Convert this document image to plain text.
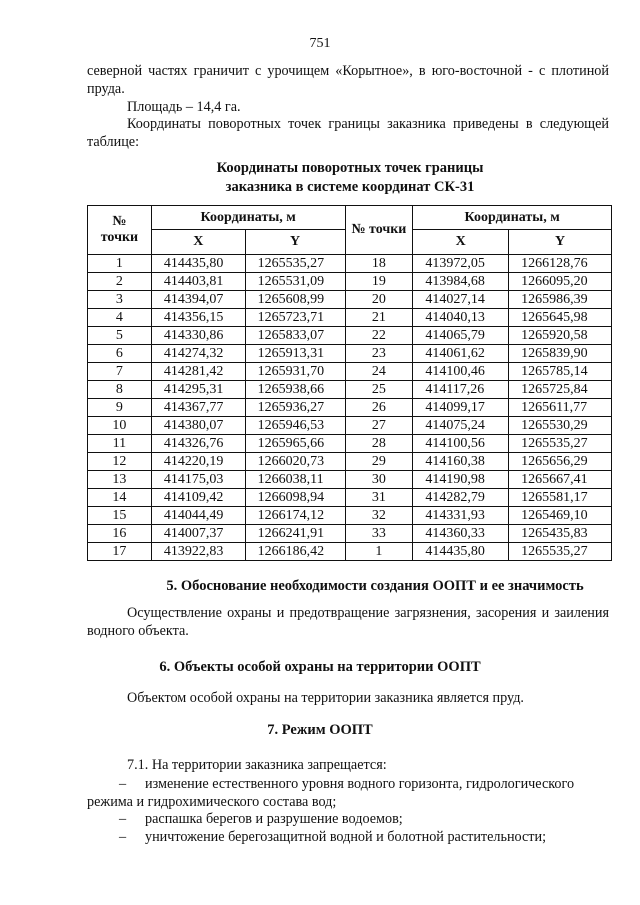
751
северной частях граничит с урочищем «Корытное», в юго-восточной - с плотиной пруда.
Площадь – 14,4 га.
Координаты поворотных точек границы заказника приведены в следующей таблице:
Координаты поворотных точек границы
заказника в системе координат СК-31
№ точки	Координаты, м		№ точки	Координаты, м	
	X	Y		X	Y
1	414435,80	1265535,27	18	413972,05	1266128,76
2	414403,81	1265531,09	19	413984,68	1266095,20
3	414394,07	1265608,99	20	414027,14	1265986,39
4	414356,15	1265723,71	21	414040,13	1265645,98
5	414330,86	1265833,07	22	414065,79	1265920,58
6	414274,32	1265913,31	23	414061,62	1265839,90
7	414281,42	1265931,70	24	414100,46	1265785,14
8	414295,31	1265938,66	25	414117,26	1265725,84
9	414367,77	1265936,27	26	414099,17	1265611,77
10	414380,07	1265946,53	27	414075,24	1265530,29
11	414326,76	1265965,66	28	414100,56	1265535,27
12	414220,19	1266020,73	29	414160,38	1265656,29
13	414175,03	1266038,11	30	414190,98	1265667,41
14	414109,42	1266098,94	31	414282,79	1265581,17
15	414044,49	1266174,12	32	414331,93	1265469,10
16	414007,37	1266241,91	33	414360,33	1265435,83
17	413922,83	1266186,42	1	414435,80	1265535,27
5. Обоснование необходимости создания ООПТ и ее значимость
Осуществление охраны и предотвращение загрязнения, засорения и заиления водного объекта.
6. Объекты особой охраны на территории ООПТ
Объектом особой охраны на территории заказника является пруд.
7. Режим ООПТ
7.1. На территории заказника запрещается:
– изменение естественного уровня водного горизонта, гидрологического режима и гидрохимического состава вод;
– распашка берегов и разрушение водоемов;
– уничтожение берегозащитной водной и болотной растительности;
